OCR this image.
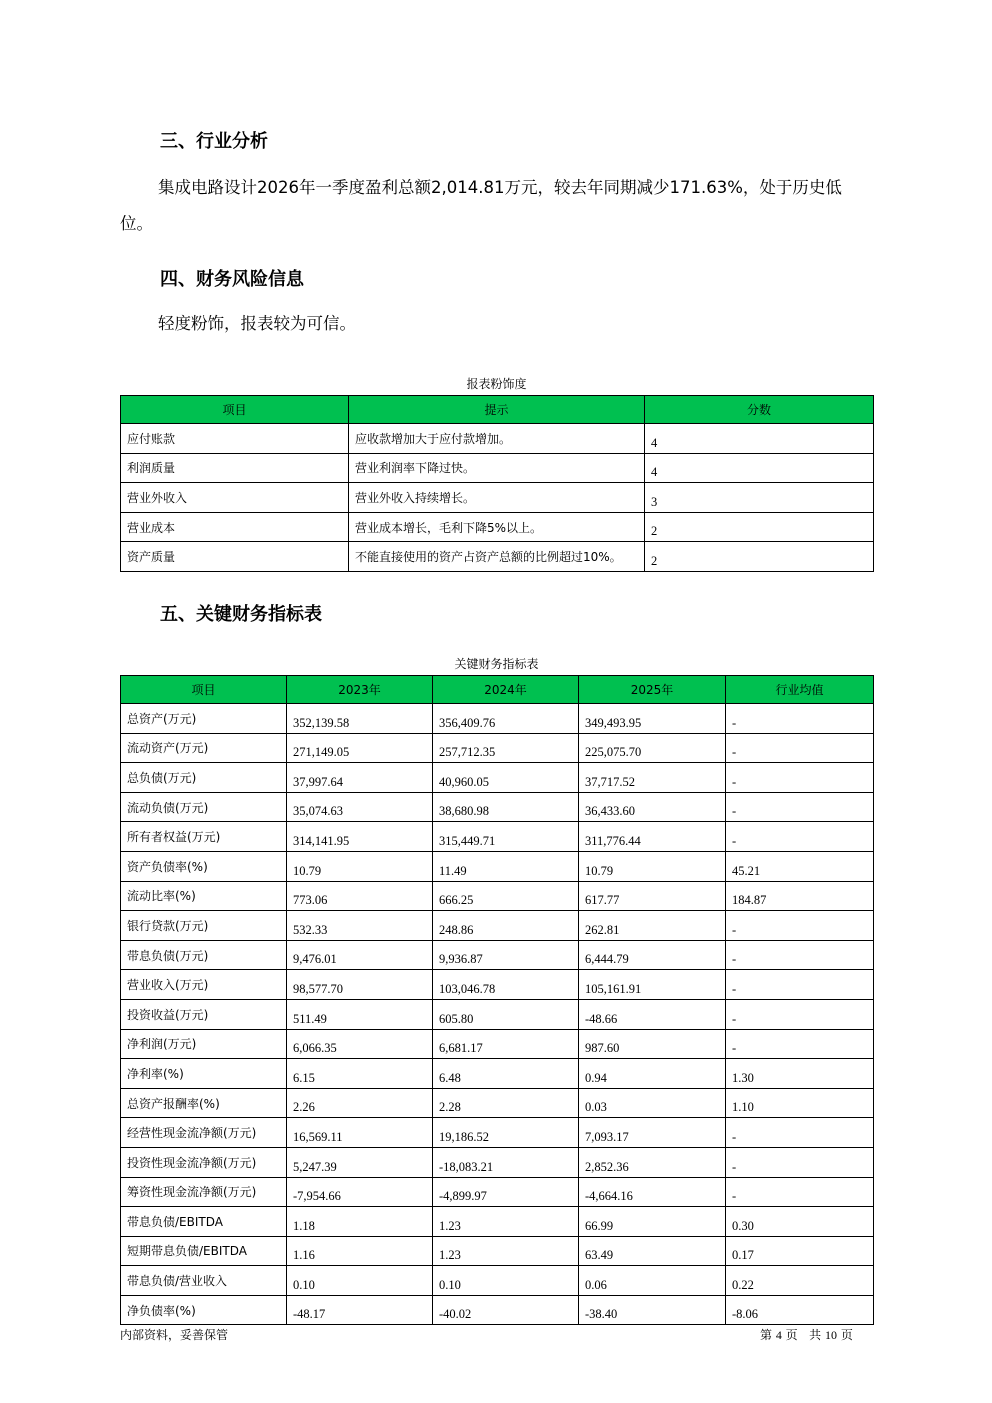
三、行业分析

集成电路设计2026年一季度盈利总额2,014.81万元，较去年同期减少171.63%，处于历史低位。

四、财务风险信息

轻度粉饰，报表较为可信。

报表粉饰度
项目	提示	分数
应付账款	应收款增加大于应付款增加。	4
利润质量	营业利润率下降过快。	4
营业外收入	营业外收入持续增长。	3
营业成本	营业成本增长，毛利下降5%以上。	2
资产质量	不能直接使用的资产占资产总额的比例超过10%。	2
五、关键财务指标表
关键财务指标表
项目	2023年	2024年	2025年	行业均值
总资产(万元)	352,139.58	356,409.76	349,493.95	-
流动资产(万元)	271,149.05	257,712.35	225,075.70	-
总负债(万元)	37,997.64	40,960.05	37,717.52	-
流动负债(万元)	35,074.63	38,680.98	36,433.60	-
所有者权益(万元)	314,141.95	315,449.71	311,776.44	-
资产负债率(%)	10.79	11.49	10.79	45.21
流动比率(%)	773.06	666.25	617.77	184.87
银行贷款(万元)	532.33	248.86	262.81	-
带息负债(万元)	9,476.01	9,936.87	6,444.79	-
营业收入(万元)	98,577.70	103,046.78	105,161.91	-
投资收益(万元)	511.49	605.80	-48.66	-
净利润(万元)	6,066.35	6,681.17	987.60	-
净利率(%)	6.15	6.48	0.94	1.30
总资产报酬率(%)	2.26	2.28	0.03	1.10
经营性现金流净额(万元)	16,569.11	19,186.52	7,093.17	-
投资性现金流净额(万元)	5,247.39	-18,083.21	2,852.36	-
筹资性现金流净额(万元)	-7,954.66	-4,899.97	-4,664.16	-
带息负债/EBITDA	1.18	1.23	66.99	0.30
短期带息负债/EBITDA	1.16	1.23	63.49	0.17
带息负债/营业收入	0.10	0.10	0.06	0.22
净负债率(%)	-48.17	-40.02	-38.40	-8.06
内部资料，妥善保管	第 4 页 共 10 页
